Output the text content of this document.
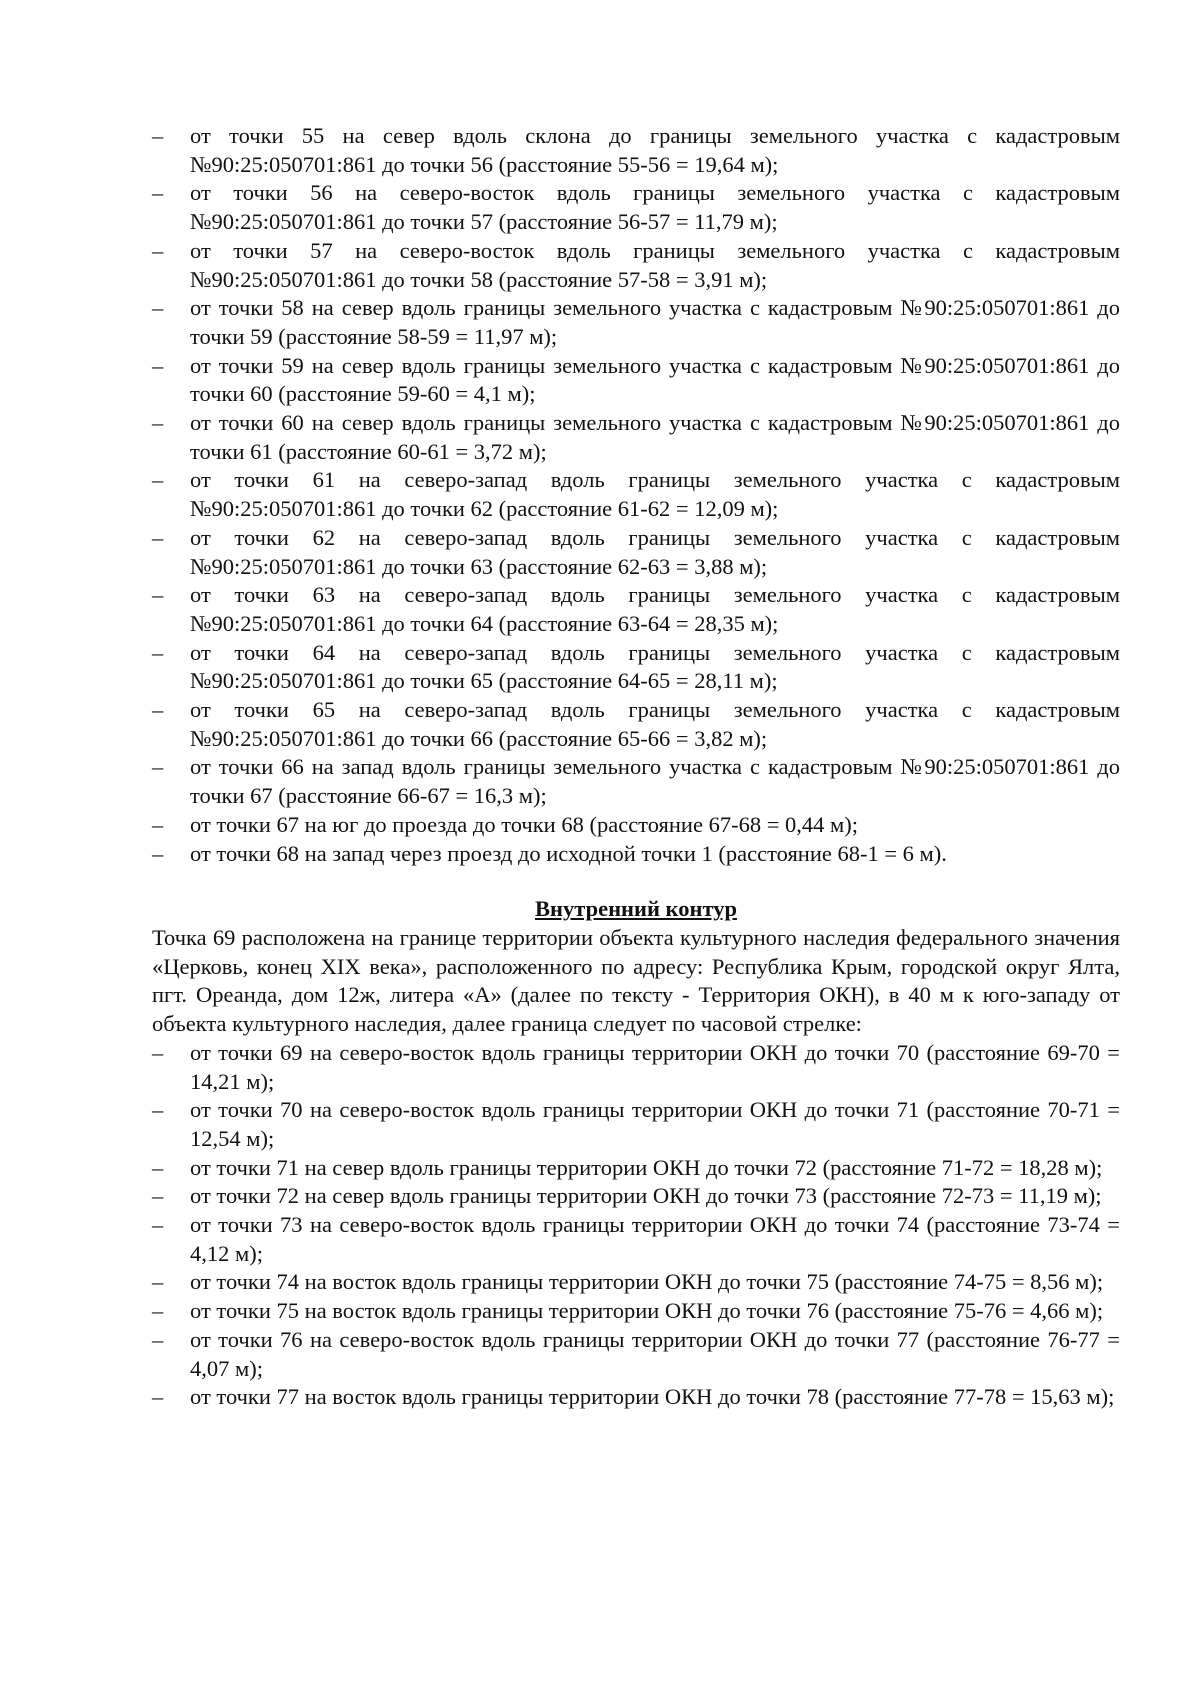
– от точки 55 на север вдоль склона до границы земельного участка с кадастровым №90:25:050701:861 до точки 56 (расстояние 55-56 = 19,64 м);
– от точки 56 на северо-восток вдоль границы земельного участка с кадастровым №90:25:050701:861 до точки 57 (расстояние 56-57 = 11,79 м);
– от точки 57 на северо-восток вдоль границы земельного участка с кадастровым №90:25:050701:861 до точки 58 (расстояние 57-58 = 3,91 м);
– от точки 58 на север вдоль границы земельного участка с кадастровым №90:25:050701:861 до точки 59 (расстояние 58-59 = 11,97 м);
– от точки 59 на север вдоль границы земельного участка с кадастровым №90:25:050701:861 до точки 60 (расстояние 59-60 = 4,1 м);
– от точки 60 на север вдоль границы земельного участка с кадастровым №90:25:050701:861 до точки 61 (расстояние 60-61 = 3,72 м);
– от точки 61 на северо-запад вдоль границы земельного участка с кадастровым №90:25:050701:861 до точки 62 (расстояние 61-62 = 12,09 м);
– от точки 62 на северо-запад вдоль границы земельного участка с кадастровым №90:25:050701:861 до точки 63 (расстояние 62-63 = 3,88 м);
– от точки 63 на северо-запад вдоль границы земельного участка с кадастровым №90:25:050701:861 до точки 64 (расстояние 63-64 = 28,35 м);
– от точки 64 на северо-запад вдоль границы земельного участка с кадастровым №90:25:050701:861 до точки 65 (расстояние 64-65 = 28,11 м);
– от точки 65 на северо-запад вдоль границы земельного участка с кадастровым №90:25:050701:861 до точки 66 (расстояние 65-66 = 3,82 м);
– от точки 66 на запад вдоль границы земельного участка с кадастровым №90:25:050701:861 до точки 67 (расстояние 66-67 = 16,3 м);
– от точки 67 на юг до проезда до точки 68 (расстояние 67-68 = 0,44 м);
– от точки 68 на запад через проезд до исходной точки 1 (расстояние 68-1 = 6 м).

Внутренний контур

Точка 69 расположена на границе территории объекта культурного наследия федерального значения «Церковь, конец XIX века», расположенного по адресу: Республика Крым, городской округ Ялта, пгт. Ореанда, дом 12ж, литера «А» (далее по тексту - Территория ОКН), в 40 м к юго-западу от объекта культурного наследия, далее граница следует по часовой стрелке:

– от точки 69 на северо-восток вдоль границы территории ОКН до точки 70 (расстояние 69-70 = 14,21 м);
– от точки 70 на северо-восток вдоль границы территории ОКН до точки 71 (расстояние 70-71 = 12,54 м);
– от точки 71 на север вдоль границы территории ОКН до точки 72 (расстояние 71-72 = 18,28 м);
– от точки 72 на север вдоль границы территории ОКН до точки 73 (расстояние 72-73 = 11,19 м);
– от точки 73 на северо-восток вдоль границы территории ОКН до точки 74 (расстояние 73-74 = 4,12 м);
– от точки 74 на восток вдоль границы территории ОКН до точки 75 (расстояние 74-75 = 8,56 м);
– от точки 75 на восток вдоль границы территории ОКН до точки 76 (расстояние 75-76 = 4,66 м);
– от точки 76 на северо-восток вдоль границы территории ОКН до точки 77 (расстояние 76-77 = 4,07 м);
– от точки 77 на восток вдоль границы территории ОКН до точки 78 (расстояние 77-78 = 15,63 м);
